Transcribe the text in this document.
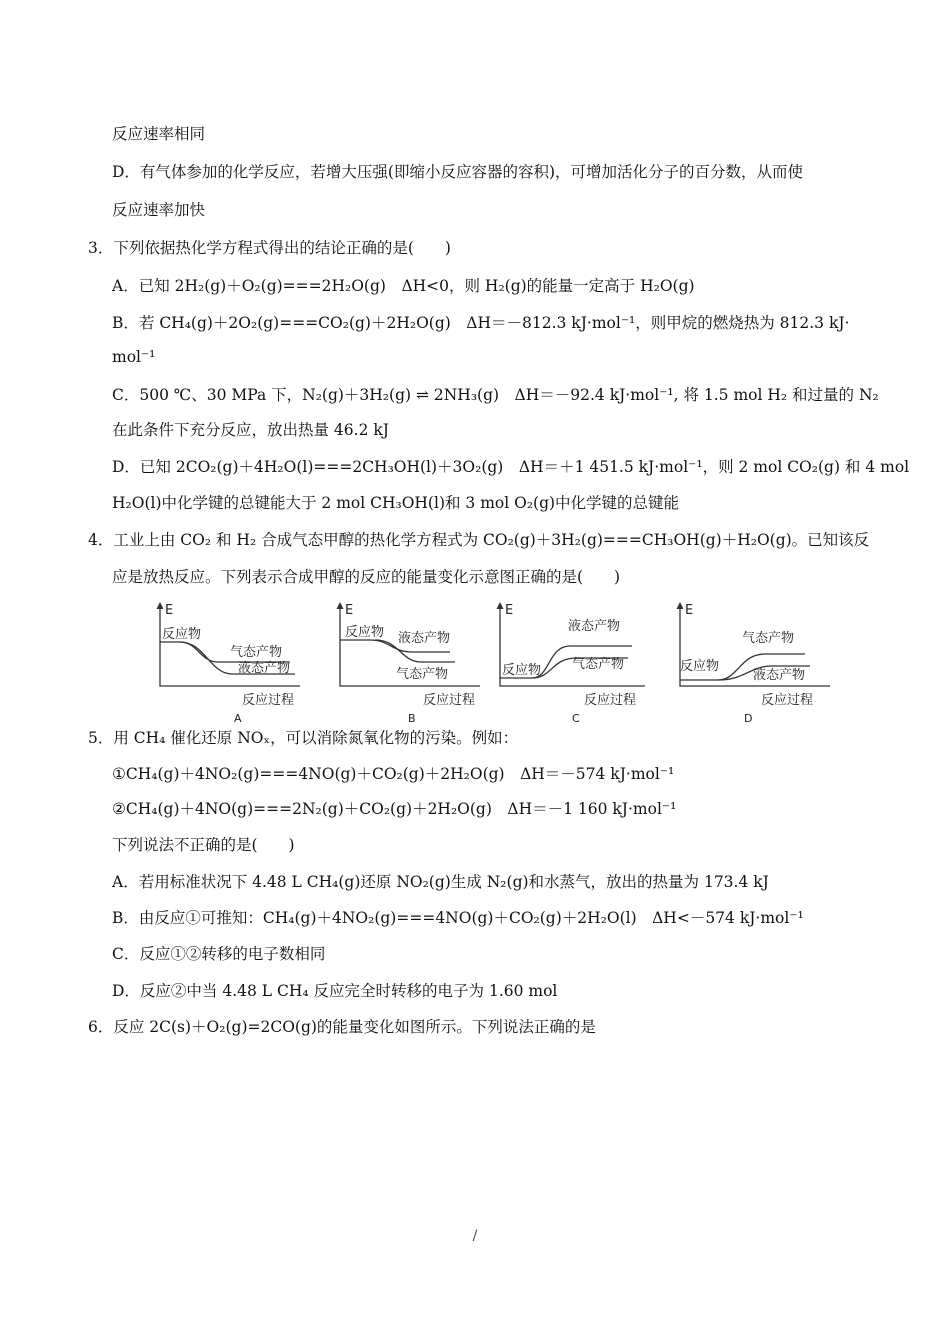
反应速率相同
D．有气体参加的化学反应，若增大压强(即缩小反应容器的容积)，可增加活化分子的百分数，从而使
反应速率加快
3．下列依据热化学方程式得出的结论正确的是(　　)
A．已知 2H₂(g)＋O₂(g)===2H₂O(g)　ΔH<0，则 H₂(g)的能量一定高于 H₂O(g)
B．若 CH₄(g)＋2O₂(g)===CO₂(g)＋2H₂O(g)　ΔH＝－812.3 kJ·mol⁻¹，则甲烷的燃烧热为 812.3 kJ·
mol⁻¹
C．500 ℃、30 MPa 下，N₂(g)＋3H₂(g) ⇌ 2NH₃(g)　ΔH＝－92.4 kJ·mol⁻¹, 将 1.5 mol H₂ 和过量的 N₂
在此条件下充分反应，放出热量 46.2 kJ
D．已知 2CO₂(g)＋4H₂O(l)===2CH₃OH(l)＋3O₂(g)　ΔH＝＋1 451.5 kJ·mol⁻¹，则 2 mol CO₂(g) 和 4 mol
H₂O(l)中化学键的总键能大于 2 mol CH₃OH(l)和 3 mol O₂(g)中化学键的总键能
4．工业上由 CO₂ 和 H₂ 合成气态甲醇的热化学方程式为 CO₂(g)＋3H₂(g)===CH₃OH(g)＋H₂O(g)。已知该反
应是放热反应。下列表示合成甲醇的反应的能量变化示意图正确的是(　　)
E
反应物
气态产物
液态产物
反应过程
A
E
反应物 液态产物
气态产物
反应过程
B
E
液态产物
气态产物
反应物
反应过程
C
E
气态产物
反应物
液态产物
反应过程
D
5．用 CH₄ 催化还原 NOₓ，可以消除氮氧化物的污染。例如：
①CH₄(g)＋4NO₂(g)===4NO(g)＋CO₂(g)＋2H₂O(g)　ΔH＝－574 kJ·mol⁻¹
②CH₄(g)＋4NO(g)===2N₂(g)＋CO₂(g)＋2H₂O(g)　ΔH＝－1 160 kJ·mol⁻¹
下列说法不正确的是(　　)
A．若用标准状况下 4.48 L CH₄(g)还原 NO₂(g)生成 N₂(g)和水蒸气，放出的热量为 173.4 kJ
B．由反应①可推知：CH₄(g)＋4NO₂(g)===4NO(g)＋CO₂(g)＋2H₂O(l)　ΔH<－574 kJ·mol⁻¹
C．反应①②转移的电子数相同
D．反应②中当 4.48 L CH₄ 反应完全时转移的电子为 1.60 mol
6．反应 2C(s)＋O₂(g)=2CO(g)的能量变化如图所示。下列说法正确的是
/
